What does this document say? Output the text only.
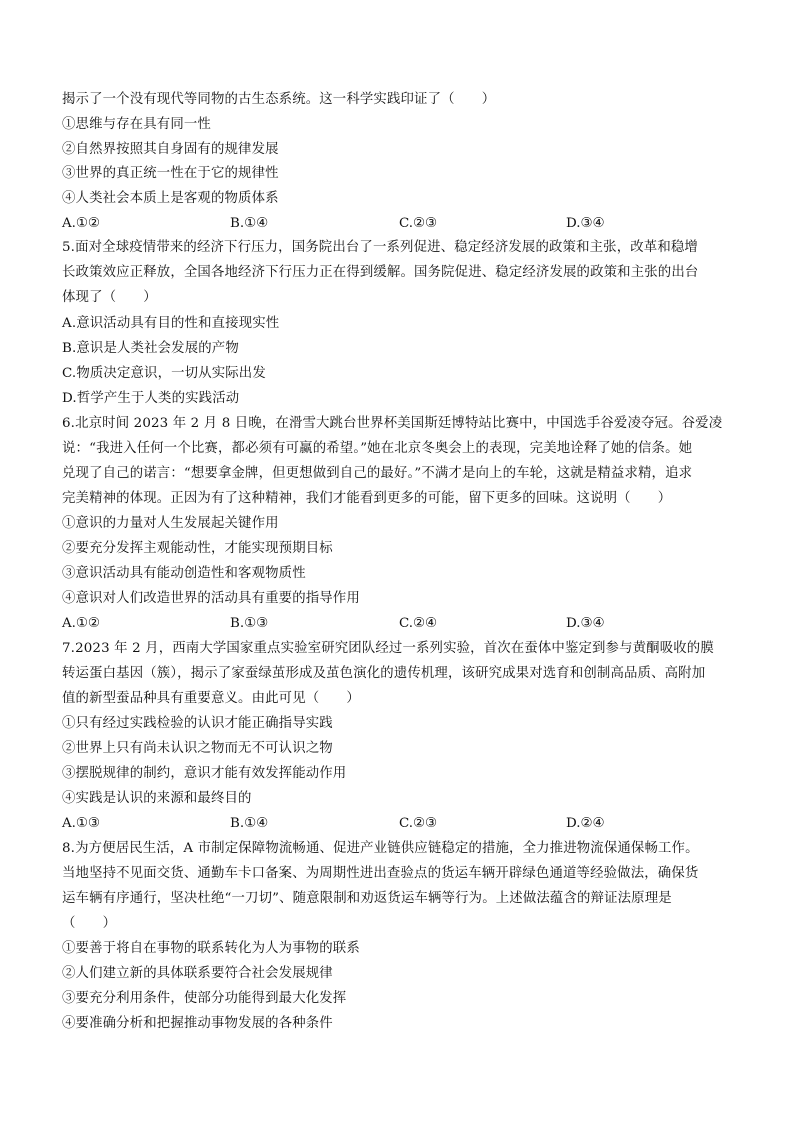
揭示了一个没有现代等同物的古生态系统。这一科学实践印证了（　　）
①思维与存在具有同一性
②自然界按照其自身固有的规律发展
③世界的真正统一性在于它的规律性
④人类社会本质上是客观的物质体系
A.①②	B.①④	C.②③	D.③④
5.面对全球疫情带来的经济下行压力，国务院出台了一系列促进、稳定经济发展的政策和主张，改革和稳增
长政策效应正释放，全国各地经济下行压力正在得到缓解。国务院促进、稳定经济发展的政策和主张的出台
体现了（　　）
A.意识活动具有目的性和直接现实性
B.意识是人类社会发展的产物
C.物质决定意识，一切从实际出发
D.哲学产生于人类的实践活动
6.北京时间 2023 年 2 月 8 日晚，在滑雪大跳台世界杯美国斯廷博特站比赛中，中国选手谷爱凌夺冠。谷爱凌
说：“我进入任何一个比赛，都必须有可赢的希望。”她在北京冬奥会上的表现，完美地诠释了她的信条。她
兑现了自己的诺言：“想要拿金牌，但更想做到自己的最好。”不满才是向上的车轮，这就是精益求精，追求
完美精神的体现。正因为有了这种精神，我们才能看到更多的可能，留下更多的回味。这说明（　　）
①意识的力量对人生发展起关键作用
②要充分发挥主观能动性，才能实现预期目标
③意识活动具有能动创造性和客观物质性
④意识对人们改造世界的活动具有重要的指导作用
A.①②	B.①③	C.②④	D.③④
7.2023 年 2 月，西南大学国家重点实验室研究团队经过一系列实验，首次在蚕体中鉴定到参与黄酮吸收的膜
转运蛋白基因（簇），揭示了家蚕绿茧形成及茧色演化的遗传机理，该研究成果对选育和创制高品质、高附加
值的新型蚕品种具有重要意义。由此可见（　　）
①只有经过实践检验的认识才能正确指导实践
②世界上只有尚未认识之物而无不可认识之物
③摆脱规律的制约，意识才能有效发挥能动作用
④实践是认识的来源和最终目的
A.①③	B.①④	C.②③	D.②④
8.为方便居民生活，A 市制定保障物流畅通、促进产业链供应链稳定的措施，全力推进物流保通保畅工作。
当地坚持不见面交货、通勤车卡口备案、为周期性进出查验点的货运车辆开辟绿色通道等经验做法，确保货
运车辆有序通行，坚决杜绝“一刀切”、随意限制和劝返货运车辆等行为。上述做法蕴含的辩证法原理是
（　　）
①要善于将自在事物的联系转化为人为事物的联系
②人们建立新的具体联系要符合社会发展规律
③要充分利用条件，使部分功能得到最大化发挥
④要准确分析和把握推动事物发展的各种条件
